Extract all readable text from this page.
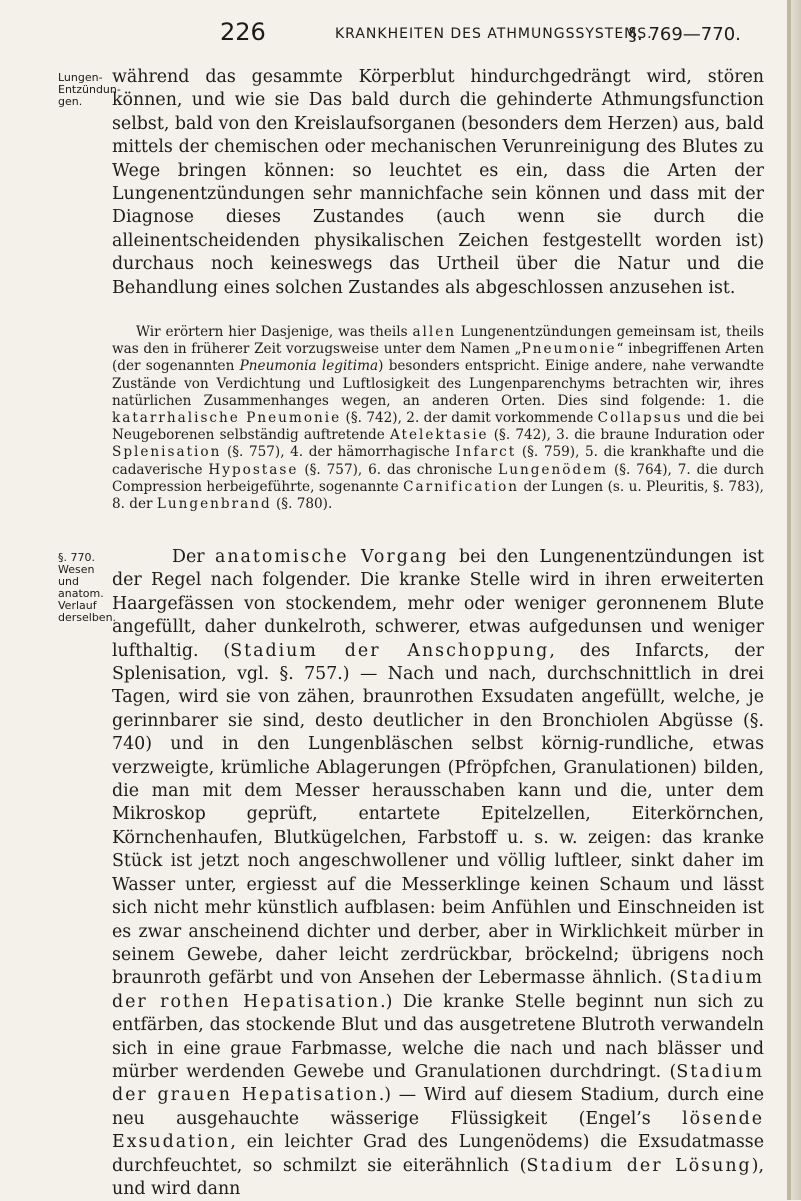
226	KRANKHEITEN DES ATHMUNGSSYSTEMS.
§. 769—770.
Lungen-
Entzündun-
gen.
§. 770.
Wesen und
anatom.
Verlauf
derselben.

während das gesammte Körperblut hindurchgedrängt wird, stören können, und wie sie Das bald durch die gehinderte Athmungsfunction selbst, bald von den Kreislaufsorganen (besonders dem Herzen) aus, bald mittels der chemischen oder mechanischen Verunreinigung des Blutes zu Wege bringen können: so leuchtet es ein, dass die Arten der Lungenentzündungen sehr mannichfache sein können und dass mit der Diagnose dieses Zustandes (auch wenn sie durch die alleinentscheidenden physikalischen Zeichen festgestellt worden ist) durchaus noch keineswegs das Urtheil über die Natur und die Behandlung eines solchen Zustandes als abgeschlossen anzusehen ist.

Wir erörtern hier Dasjenige, was theils allen Lungenentzündungen gemeinsam ist, theils was den in früherer Zeit vorzugsweise unter dem Namen „Pneumonie“ inbegriffenen Arten (der sogenannten Pneumonia legitima) besonders entspricht. Einige andere, nahe verwandte Zustände von Verdichtung und Luftlosigkeit des Lungenparenchyms betrachten wir, ihres natürlichen Zusammenhanges wegen, an anderen Orten. Dies sind folgende: 1. die katarrhalische Pneumonie (§. 742), 2. der damit vorkommende Collapsus und die bei Neugeborenen selbständig auftretende Atelektasie (§. 742), 3. die braune Induration oder Splenisation (§. 757), 4. der hämorrhagische Infarct (§. 759), 5. die krankhafte und die cadaverische Hypostase (§. 757), 6. das chronische Lungenödem (§. 764), 7. die durch Compression herbeigeführte, sogenannte Carnification der Lungen (s. u. Pleuritis, §. 783), 8. der Lungenbrand (§. 780).

Der anatomische Vorgang bei den Lungenentzündungen ist der Regel nach folgender. Die kranke Stelle wird in ihren erweiterten Haargefässen von stockendem, mehr oder weniger geronnenem Blute angefüllt, daher dunkelroth, schwerer, etwas aufgedunsen und weniger lufthaltig. (Stadium der Anschoppung, des Infarcts, der Splenisation, vgl. §. 757.) — Nach und nach, durchschnittlich in drei Tagen, wird sie von zähen, braunrothen Exsudaten angefüllt, welche, je gerinnbarer sie sind, desto deutlicher in den Bronchiolen Abgüsse (§. 740) und in den Lungenbläschen selbst körnig-rundliche, etwas verzweigte, krümliche Ablagerungen (Pfröpfchen, Granulationen) bilden, die man mit dem Messer herausschaben kann und die, unter dem Mikroskop geprüft, entartete Epitelzellen, Eiterkörnchen, Körnchenhaufen, Blutkügelchen, Farbstoff u. s. w. zeigen: das kranke Stück ist jetzt noch angeschwollener und völlig luftleer, sinkt daher im Wasser unter, ergiesst auf die Messerklinge keinen Schaum und lässt sich nicht mehr künstlich aufblasen: beim Anfühlen und Einschneiden ist es zwar anscheinend dichter und derber, aber in Wirklichkeit mürber in seinem Gewebe, daher leicht zerdrückbar, bröckelnd; übrigens noch braunroth gefärbt und von Ansehen der Lebermasse ähnlich. (Stadium der rothen Hepatisation.) Die kranke Stelle beginnt nun sich zu entfärben, das stockende Blut und das ausgetretene Blutroth verwandeln sich in eine graue Farbmasse, welche die nach und nach blässer und mürber werdenden Gewebe und Granulationen durchdringt. (Stadium der grauen Hepatisation.) — Wird auf diesem Stadium, durch eine neu ausgehauchte wässerige Flüssigkeit (Engel’s lösende Exsudation, ein leichter Grad des Lungenödems) die Exsudatmasse durchfeuchtet, so schmilzt sie eiterähnlich (Stadium der Lösung), und wird dann
